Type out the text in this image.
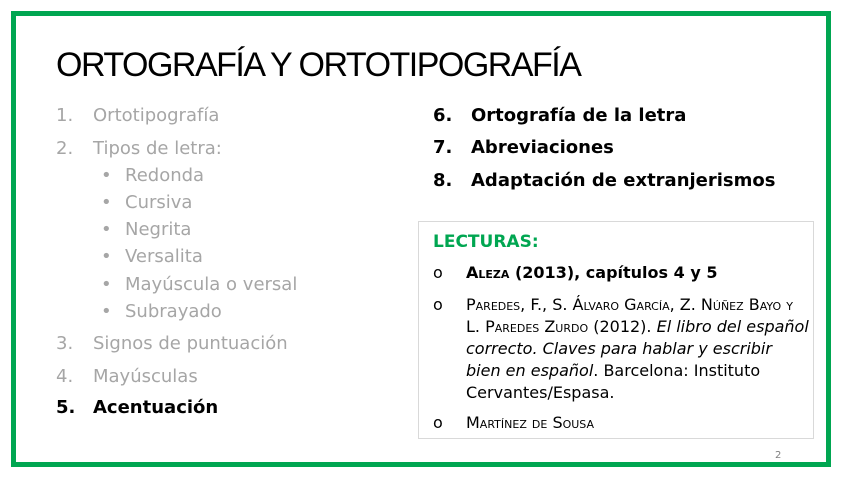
ORTOGRAFÍA Y ORTOTIPOGRAFÍA
1. Ortotipografía
2. Tipos de letra:
• Redonda
• Cursiva
• Negrita
• Versalita
• Mayúscula o versal
• Subrayado
3. Signos de puntuación
4. Mayúsculas
5. Acentuación
6. Ortografía de la letra
7. Abreviaciones
8. Adaptación de extranjerismos
LECTURAS:
o Aleza (2013), capítulos 4 y 5
o Paredes, F., S. Álvaro García, Z. Núñez Bayo y L. Paredes Zurdo (2012). El libro del español correcto. Claves para hablar y escribir bien en español. Barcelona: Instituto Cervantes/Espasa.
o Martínez de Sousa
2
